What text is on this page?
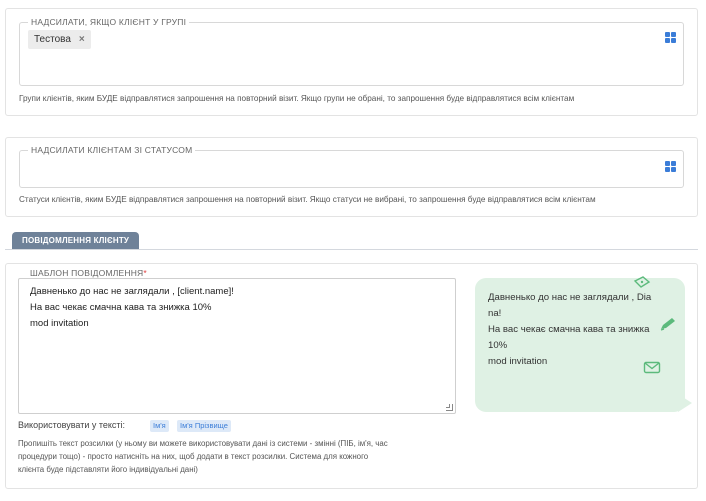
НАДСИЛАТИ, ЯКЩО КЛІЄНТ У ГРУПІ
Тестова ×
Групи клієнтів, яким БУДЕ відправлятися запрошення на повторний візит. Якщо групи не обрані, то запрошення буде відправлятися всім клієнтам
НАДСИЛАТИ КЛІЄНТАМ ЗІ СТАТУСОМ
Статуси клієнтів, яким БУДЕ відправлятися запрошення на повторний візит. Якщо статуси не вибрані, то запрошення буде відправлятися всім клієнтам
ПОВІДОМЛЕННЯ КЛІЄНТУ
ШАБЛОН ПОВІДОМЛЕННЯ*
Давненько до нас не заглядали , [client.name]!
На вас чекає смачна кава та знижка 10%
mod invitation
Використовувати у тексті:	Ім'я	Ім'я Прізвище
Пропишіть текст розсилки (у ньому ви можете використовувати дані із системи - змінні (ПІБ, ім'я, час
процедури тощо) - просто натисніть на них, щоб додати в текст розсилки. Система для кожного
клієнта буде підставляти його індивідуальні дані)
Давненько до нас не заглядали , Dia
na!
На вас чекає смачна кава та знижка
10%
mod invitation
